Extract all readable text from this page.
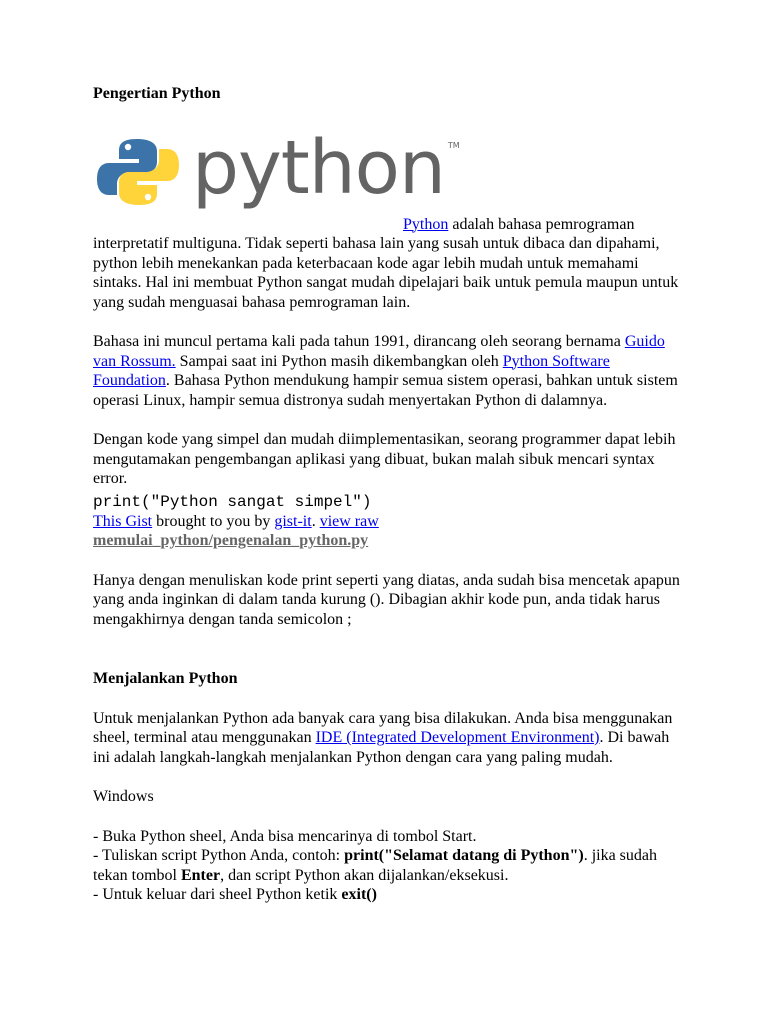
Pengertian Python

python TM

Python adalah bahasa pemrograman interpretatif multiguna. Tidak seperti bahasa lain yang susah untuk dibaca dan dipahami, python lebih menekankan pada keterbacaan kode agar lebih mudah untuk memahami sintaks. Hal ini membuat Python sangat mudah dipelajari baik untuk pemula maupun untuk yang sudah menguasai bahasa pemrograman lain.

Bahasa ini muncul pertama kali pada tahun 1991, dirancang oleh seorang bernama Guido van Rossum. Sampai saat ini Python masih dikembangkan oleh Python Software Foundation. Bahasa Python mendukung hampir semua sistem operasi, bahkan untuk sistem operasi Linux, hampir semua distronya sudah menyertakan Python di dalamnya.

Dengan kode yang simpel dan mudah diimplementasikan, seorang programmer dapat lebih mengutamakan pengembangan aplikasi yang dibuat, bukan malah sibuk mencari syntax error.

print("Python sangat simpel")

This Gist brought to you by gist-it. view raw

memulai_python/pengenalan_python.py

Hanya dengan menuliskan kode print seperti yang diatas, anda sudah bisa mencetak apapun yang anda inginkan di dalam tanda kurung (). Dibagian akhir kode pun, anda tidak harus mengakhirnya dengan tanda semicolon ;

Menjalankan Python

Untuk menjalankan Python ada banyak cara yang bisa dilakukan. Anda bisa menggunakan sheel, terminal atau menggunakan IDE (Integrated Development Environment). Di bawah ini adalah langkah-langkah menjalankan Python dengan cara yang paling mudah.

Windows

- Buka Python sheel, Anda bisa mencarinya di tombol Start.

- Tuliskan script Python Anda, contoh: print("Selamat datang di Python"). jika sudah tekan tombol Enter, dan script Python akan dijalankan/eksekusi.

- Untuk keluar dari sheel Python ketik exit()
